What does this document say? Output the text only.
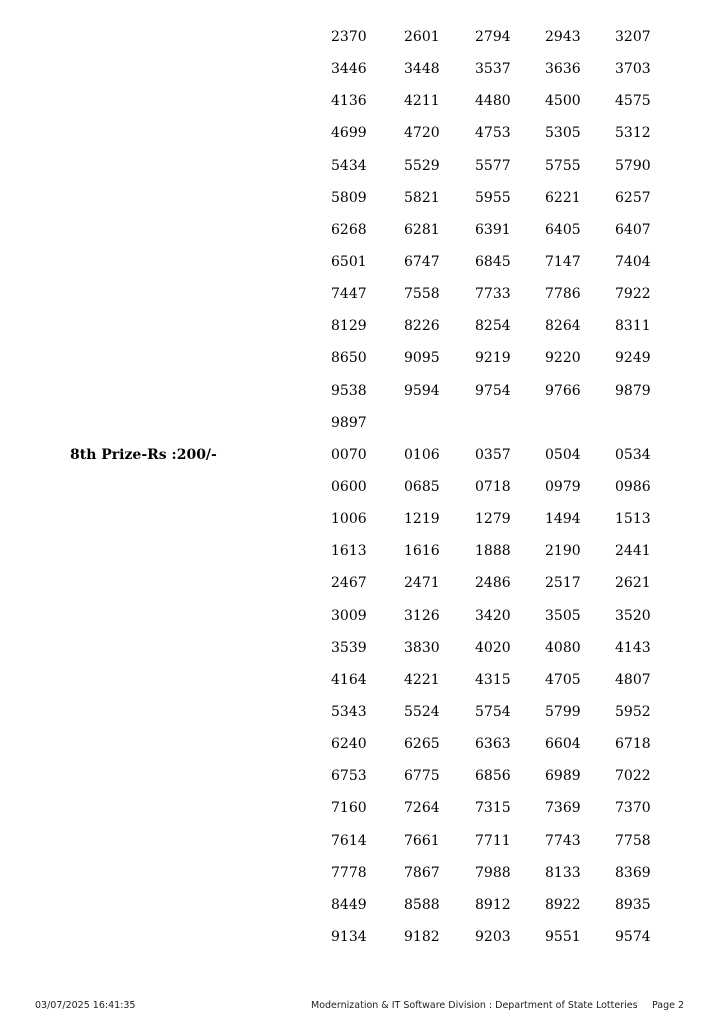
2370	2601	2794 2943 3207
3446	3448	3537 3636 3703
4136	4211	4480 4500 4575
4699	4720	4753 5305 5312
5434	5529	5577 5755 5790
5809	5821	5955 6221 6257
6268	6281	6391 6405 6407
6501	6747	6845 7147 7404
7447	7558	7733 7786 7922
8129	8226	8254 8264 8311
8650	9095	9219 9220 9249
9538	9594	9754 9766 9879
9897
8th Prize-Rs :200/-	0070	0106	0357 0504 0534
0600	0685	0718 0979 0986
1006	1219	1279 1494 1513
1613	1616	1888 2190 2441
2467	2471	2486 2517 2621
3009	3126	3420 3505 3520
3539	3830	4020 4080 4143
4164	4221	4315 4705 4807
5343	5524	5754 5799 5952
6240	6265	6363 6604 6718
6753	6775	6856 6989 7022
7160	7264	7315 7369 7370
7614	7661	7711 7743 7758
7778	7867	7988 8133 8369
8449	8588	8912 8922 8935
9134	9182	9203 9551 9574
03/07/2025 16:41:35	Modernization & IT Software Division : Department of State Lotteries Page 2
